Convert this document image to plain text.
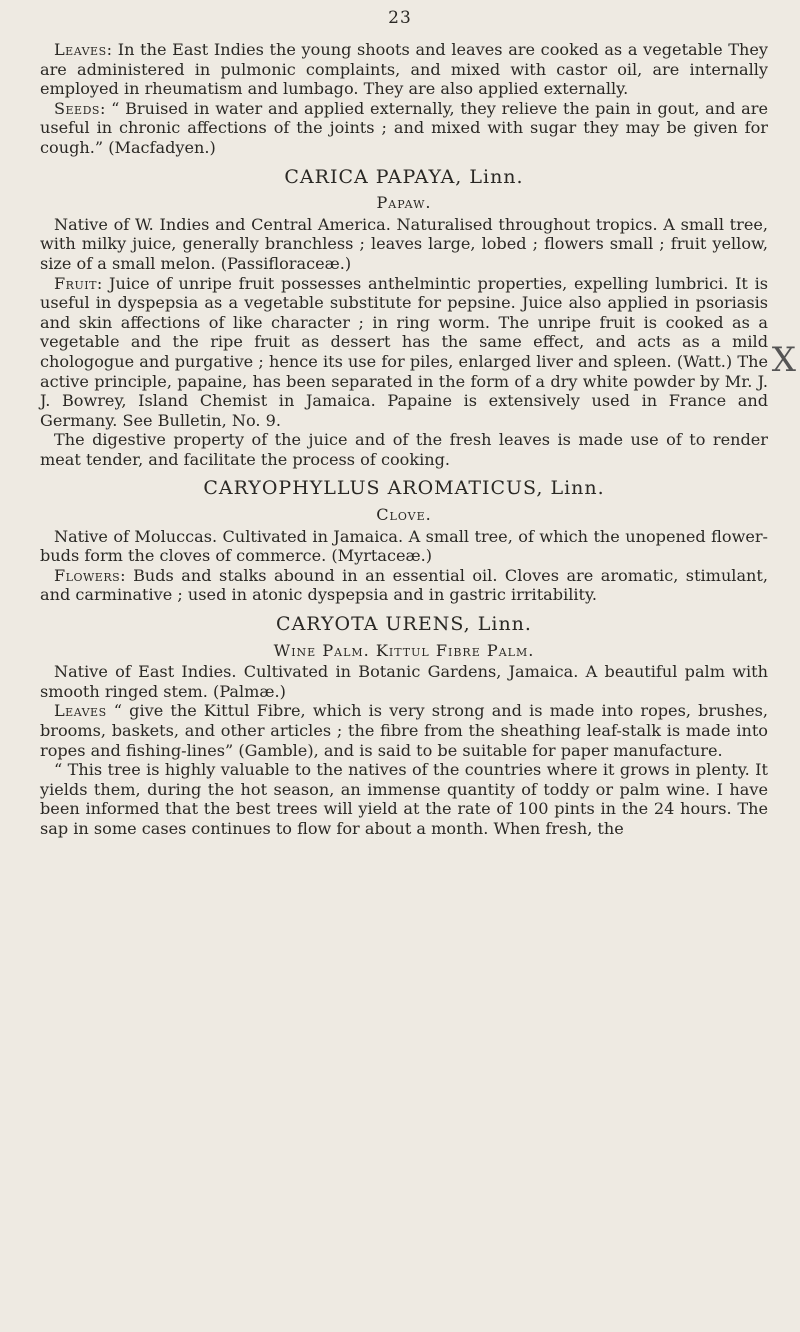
23
X

Leaves: In the East Indies the young shoots and leaves are cooked as a vegetable They are administered in pulmonic complaints, and mixed with castor oil, are internally employed in rheumatism and lumbago. They are also applied externally.

Seeds: “ Bruised in water and applied externally, they relieve the pain in gout, and are useful in chronic affections of the joints ; and mixed with sugar they may be given for cough.” (Macfadyen.)

CARICA PAPAYA, Linn.

Papaw.

Native of W. Indies and Central America. Naturalised throughout tropics. A small tree, with milky juice, generally branchless ; leaves large, lobed ; flowers small ; fruit yellow, size of a small melon. (Passifloraceæ.)

Fruit: Juice of unripe fruit possesses anthelmintic properties, expelling lumbrici. It is useful in dyspepsia as a vegetable substitute for pepsine. Juice also applied in psoriasis and skin affections of like character ; in ring worm. The unripe fruit is cooked as a vegetable and the ripe fruit as dessert has the same effect, and acts as a mild chologogue and purgative ; hence its use for piles, enlarged liver and spleen. (Watt.) The active principle, papaine, has been separated in the form of a dry white powder by Mr. J. J. Bowrey, Island Chemist in Jamaica. Papaine is extensively used in France and Germany. See Bulletin, No. 9.

The digestive property of the juice and of the fresh leaves is made use of to render meat tender, and facilitate the process of cooking.

CARYOPHYLLUS AROMATICUS, Linn.

Clove.

Native of Moluccas. Cultivated in Jamaica. A small tree, of which the unopened flower-buds form the cloves of commerce. (Myrtaceæ.)

Flowers: Buds and stalks abound in an essential oil. Cloves are aromatic, stimulant, and carminative ; used in atonic dyspepsia and in gastric irritability.

CARYOTA URENS, Linn.

Wine Palm. Kittul Fibre Palm.

Native of East Indies. Cultivated in Botanic Gardens, Jamaica. A beautiful palm with smooth ringed stem. (Palmæ.)

Leaves “ give the Kittul Fibre, which is very strong and is made into ropes, brushes, brooms, baskets, and other articles ; the fibre from the sheathing leaf-stalk is made into ropes and fishing-lines” (Gamble), and is said to be suitable for paper manufacture.

“ This tree is highly valuable to the natives of the countries where it grows in plenty. It yields them, during the hot season, an immense quantity of toddy or palm wine. I have been informed that the best trees will yield at the rate of 100 pints in the 24 hours. The sap in some cases continues to flow for about a month. When fresh, the
